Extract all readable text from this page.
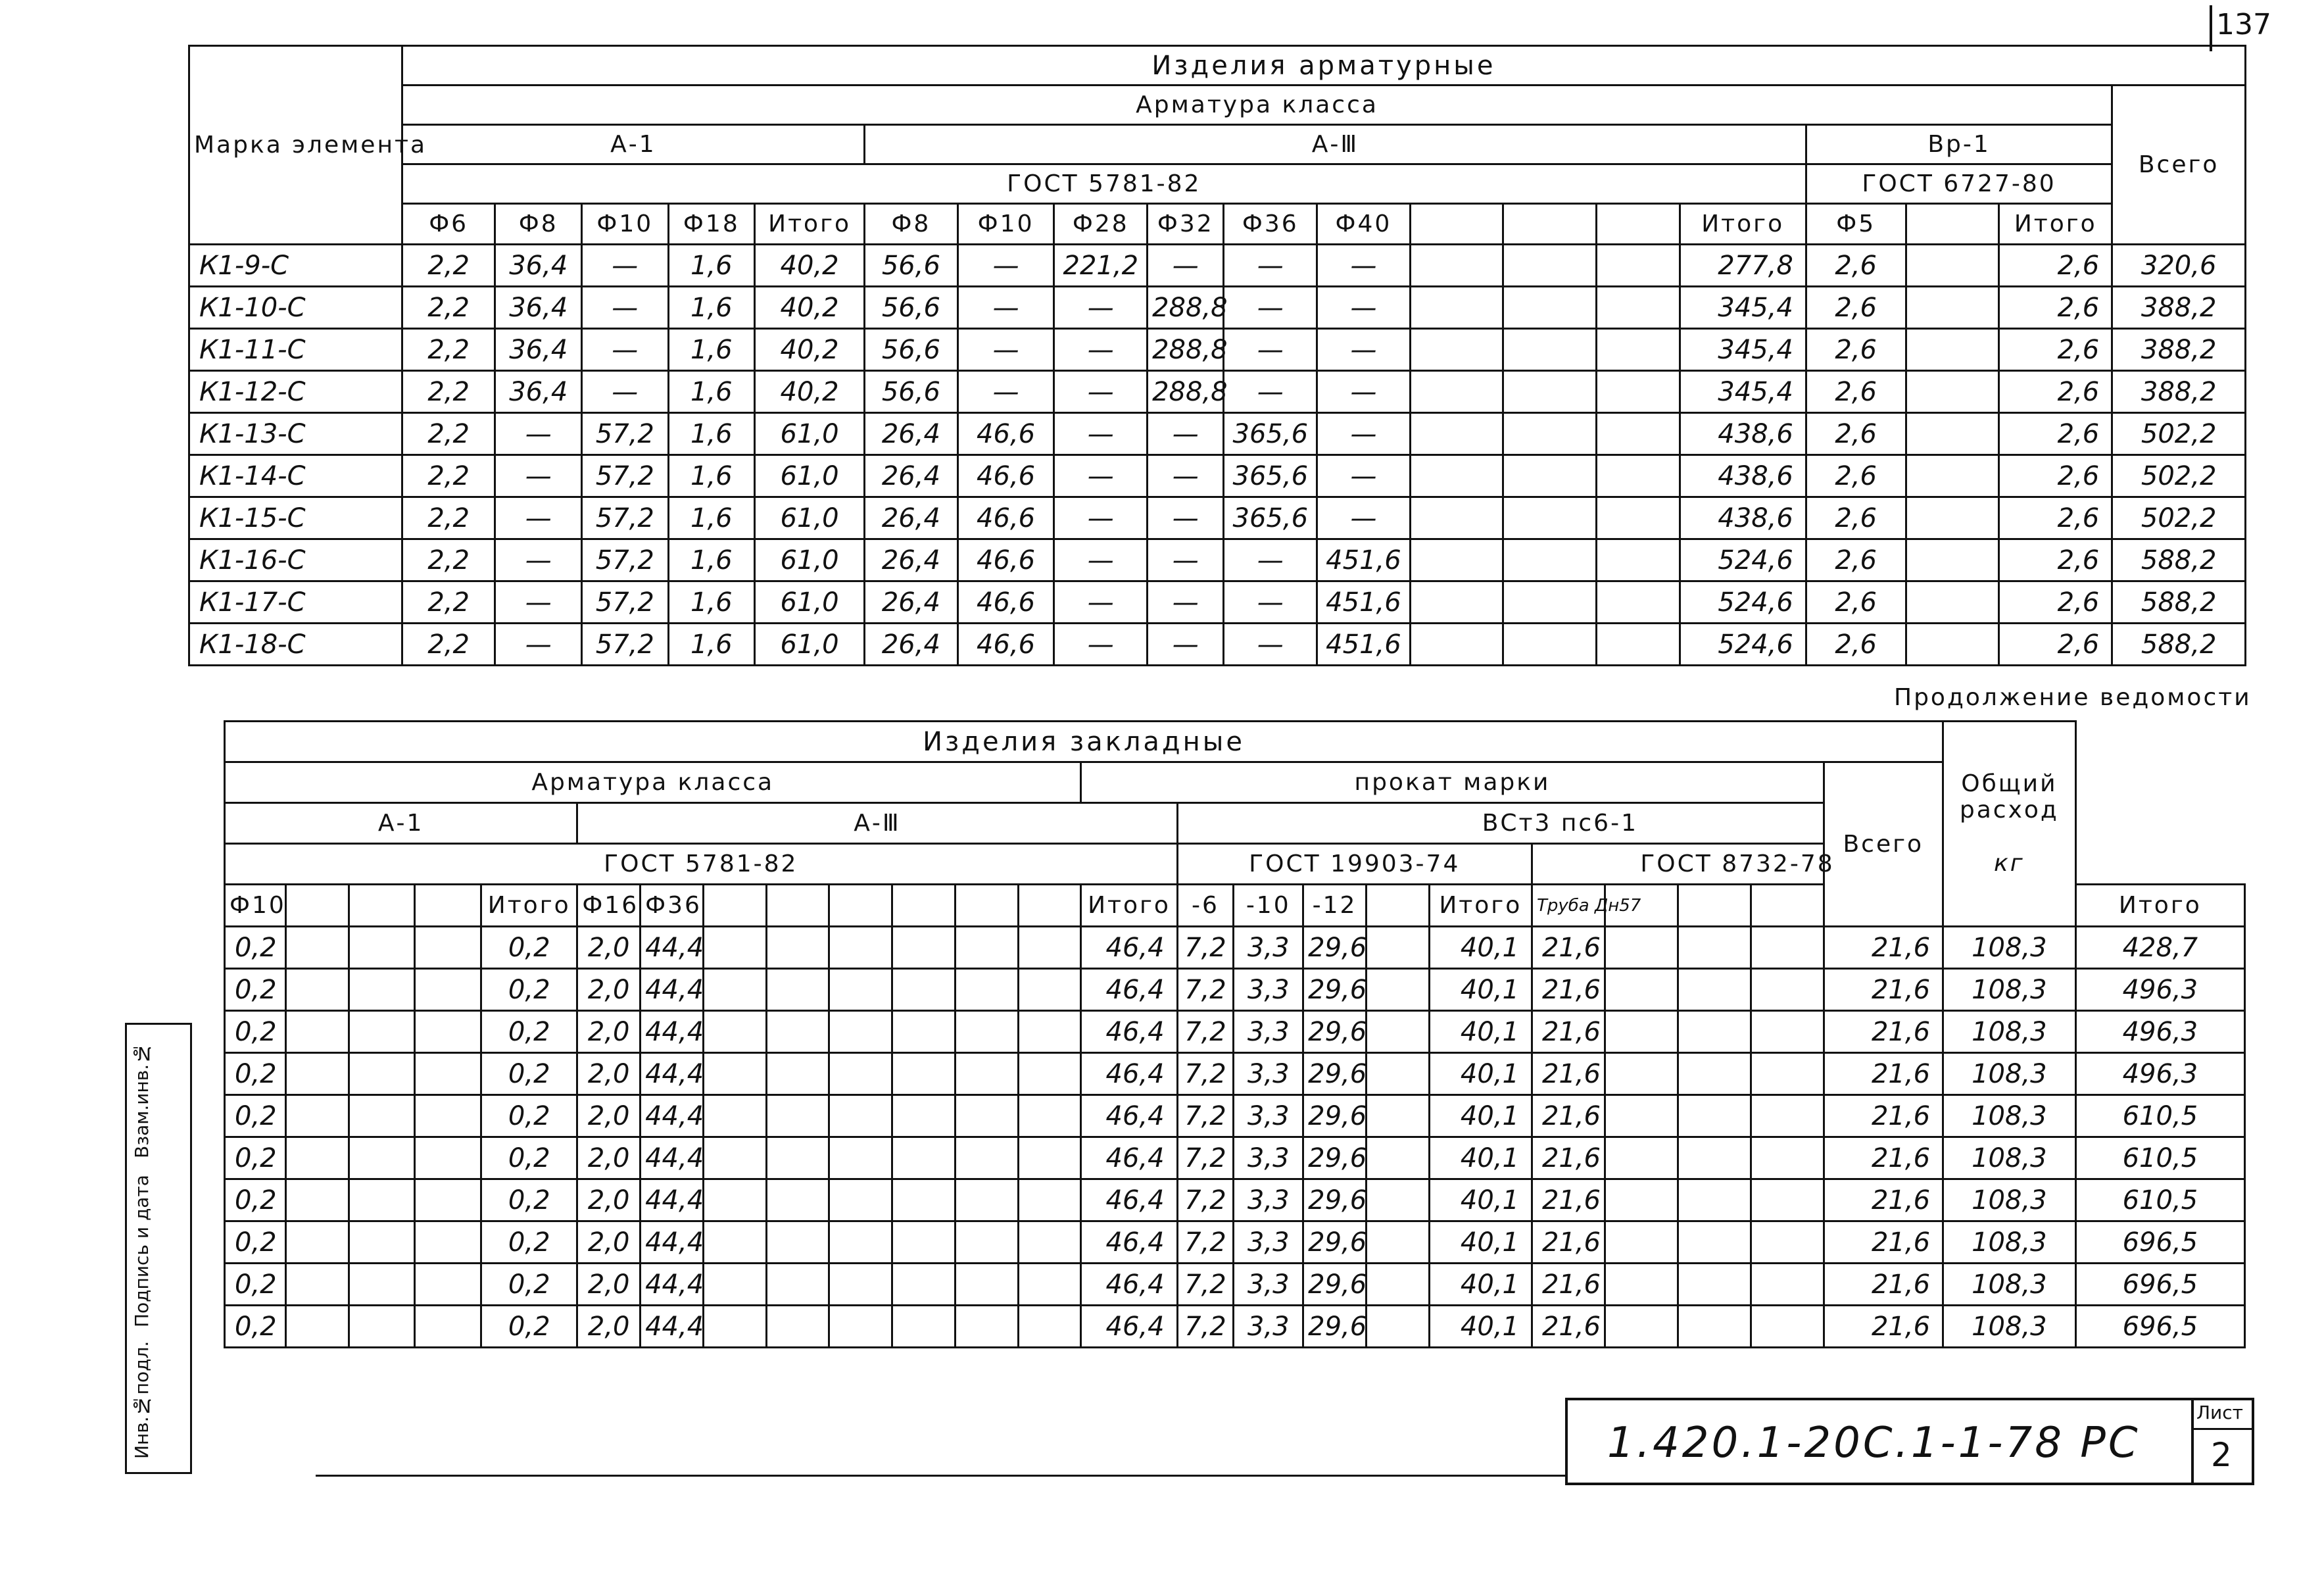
137
Марка элемента	Изделия арматурные																		
	Арматура класса																		Всего
	А-1					А-Ⅲ										Вр-1			
	ГОСТ 5781-82															ГОСТ 6727-80			
	Ф6	Ф8	Ф10	Ф18	Итого	Ф8	Ф10	Ф28	Ф32	Ф36	Ф40				Итого	Ф5		Итого	
К1-9-С	2,2	36,4	—	1,6	40,2	56,6	—	221,2	—	—	—				277,8	2,6		2,6	320,6
К1-10-С	2,2	36,4	—	1,6	40,2	56,6	—	—	288,8	—	—				345,4	2,6		2,6	388,2
К1-11-С	2,2	36,4	—	1,6	40,2	56,6	—	—	288,8	—	—				345,4	2,6		2,6	388,2
К1-12-С	2,2	36,4	—	1,6	40,2	56,6	—	—	288,8	—	—				345,4	2,6		2,6	388,2
К1-13-С	2,2	—	57,2	1,6	61,0	26,4	46,6	—	—	365,6	—				438,6	2,6		2,6	502,2
К1-14-С	2,2	—	57,2	1,6	61,0	26,4	46,6	—	—	365,6	—				438,6	2,6		2,6	502,2
К1-15-С	2,2	—	57,2	1,6	61,0	26,4	46,6	—	—	365,6	—				438,6	2,6		2,6	502,2
К1-16-С	2,2	—	57,2	1,6	61,0	26,4	46,6	—	—	—	451,6				524,6	2,6		2,6	588,2
К1-17-С	2,2	—	57,2	1,6	61,0	26,4	46,6	—	—	—	451,6				524,6	2,6		2,6	588,2
К1-18-С	2,2	—	57,2	1,6	61,0	26,4	46,6	—	—	—	451,6				524,6	2,6		2,6	588,2
Продолжение ведомости
Изделия закладные																								Общий расход
кг	

Арматура класса													прокат марки										Всего		
А-1					А-Ⅲ									ВСт3 пс6-1											
ГОСТ 5781-82														ГОСТ 19903-74					ГОСТ 8732-78						
Ф10				Итого	Ф16	Ф36							Итого	-6	-10	-12		Итого	Труба Дн57						Итого
0,2				0,2	2,0	44,4							46,4	7,2	3,3	29,6		40,1	21,6				21,6	108,3	428,7
0,2				0,2	2,0	44,4							46,4	7,2	3,3	29,6		40,1	21,6				21,6	108,3	496,3
0,2				0,2	2,0	44,4							46,4	7,2	3,3	29,6		40,1	21,6				21,6	108,3	496,3
0,2				0,2	2,0	44,4							46,4	7,2	3,3	29,6		40,1	21,6				21,6	108,3	496,3
0,2				0,2	2,0	44,4							46,4	7,2	3,3	29,6		40,1	21,6				21,6	108,3	610,5
0,2				0,2	2,0	44,4							46,4	7,2	3,3	29,6		40,1	21,6				21,6	108,3	610,5
0,2				0,2	2,0	44,4							46,4	7,2	3,3	29,6		40,1	21,6				21,6	108,3	610,5
0,2				0,2	2,0	44,4							46,4	7,2	3,3	29,6		40,1	21,6				21,6	108,3	696,5
0,2				0,2	2,0	44,4							46,4	7,2	3,3	29,6		40,1	21,6				21,6	108,3	696,5
0,2				0,2	2,0	44,4							46,4	7,2	3,3	29,6		40,1	21,6				21,6	108,3	696,5
Инв.№подл.
Подпись и дата
Взам.инв.№
1.420.1-20С.1-1-78 РС
Лист
2
